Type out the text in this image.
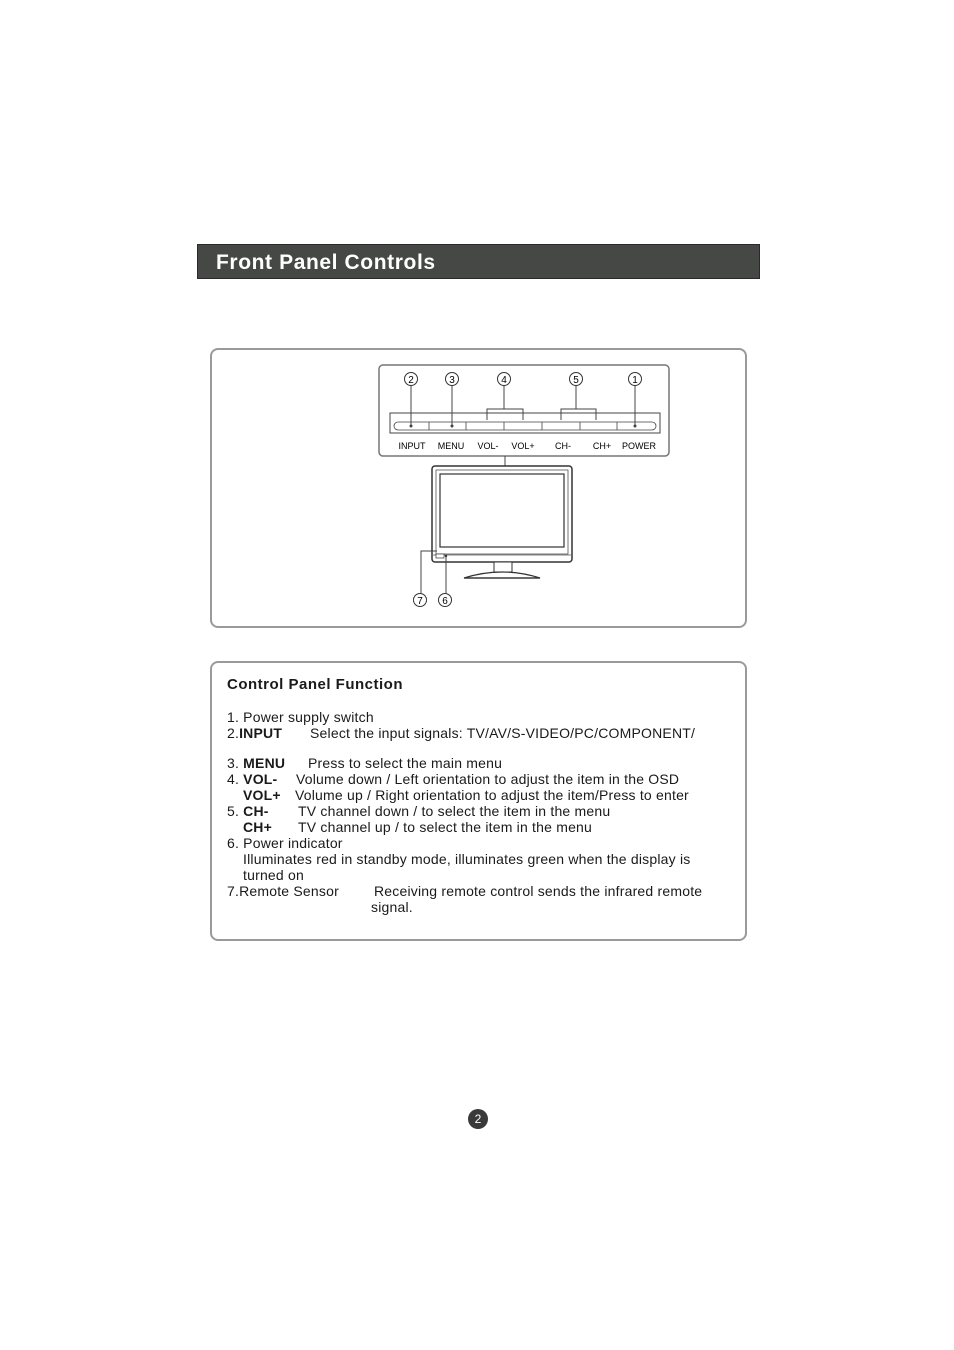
Front Panel Controls
2	3	4	5	1
INPUT MENU VOL- VOL+ CH- CH+ POWER
7 6
Control Panel Function
1. Power supply switch
2.INPUT Select the input signals: TV/AV/S-VIDEO/PC/COMPONENT/
3. MENU Press to select the main menu
4. VOL- Volume down / Left orientation to adjust the item in the OSD
VOL+ Volume up / Right orientation to adjust the item/Press to enter
5. CH- TV channel down / to select the item in the menu
CH+ TV channel up / to select the item in the menu
6. Power indicator
Illuminates red in standby mode, illuminates green when the display is
turned on
7.Remote Sensor	Receiving remote control sends the infrared remote
signal.
2
